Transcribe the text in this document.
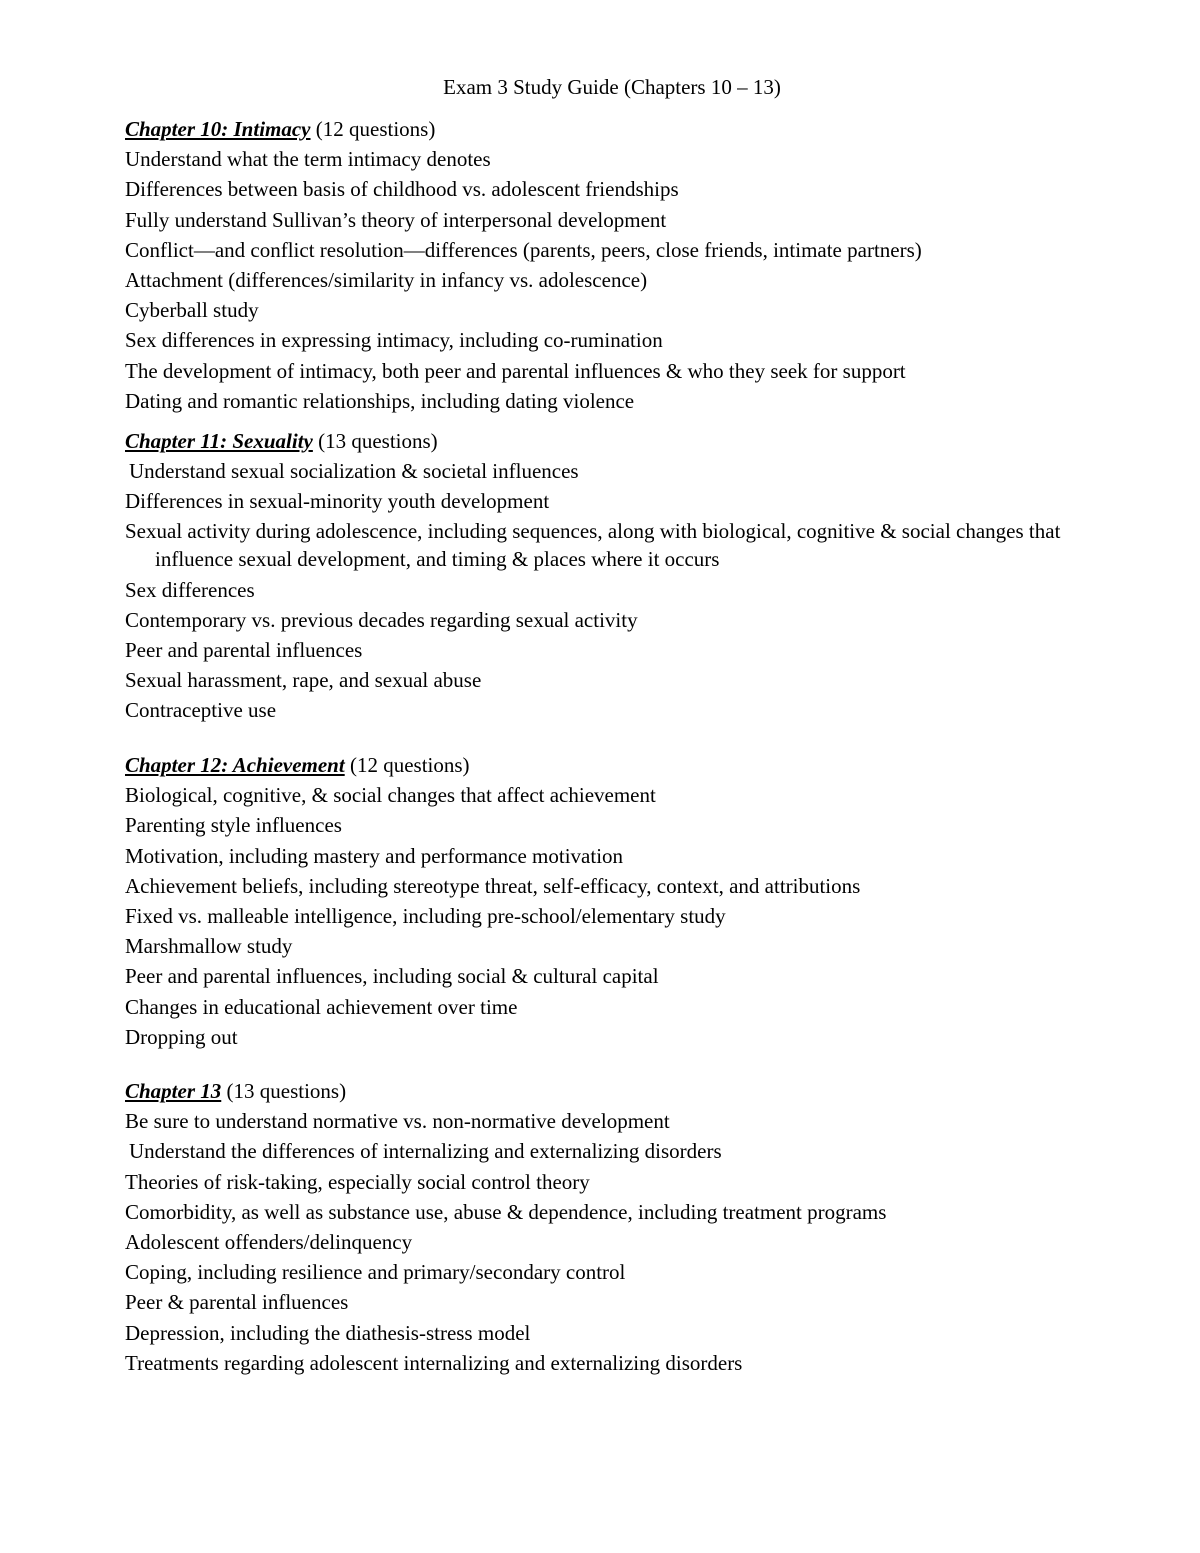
Exam 3 Study Guide (Chapters 10 – 13)
Chapter 10: Intimacy (12 questions)
Understand what the term intimacy denotes
Differences between basis of childhood vs. adolescent friendships
Fully understand Sullivan’s theory of interpersonal development
Conflict—and conflict resolution—differences (parents, peers, close friends, intimate partners)
Attachment (differences/similarity in infancy vs. adolescence)
Cyberball study
Sex differences in expressing intimacy, including co-rumination
The development of intimacy, both peer and parental influences & who they seek for support
Dating and romantic relationships, including dating violence
Chapter 11: Sexuality (13 questions)
Understand sexual socialization & societal influences
Differences in sexual-minority youth development
Sexual activity during adolescence, including sequences, along with biological, cognitive & social changes that influence sexual development, and timing & places where it occurs
Sex differences
Contemporary vs. previous decades regarding sexual activity
Peer and parental influences
Sexual harassment, rape, and sexual abuse
Contraceptive use
Chapter 12: Achievement (12 questions)
Biological, cognitive, & social changes that affect achievement
Parenting style influences
Motivation, including mastery and performance motivation
Achievement beliefs, including stereotype threat, self-efficacy, context, and attributions
Fixed vs. malleable intelligence, including pre-school/elementary study
Marshmallow study
Peer and parental influences, including social & cultural capital
Changes in educational achievement over time
Dropping out
Chapter 13 (13 questions)
Be sure to understand normative vs. non-normative development
Understand the differences of internalizing and externalizing disorders
Theories of risk-taking, especially social control theory
Comorbidity, as well as substance use, abuse & dependence, including treatment programs
Adolescent offenders/delinquency
Coping, including resilience and primary/secondary control
Peer & parental influences
Depression, including the diathesis-stress model
Treatments regarding adolescent internalizing and externalizing disorders
